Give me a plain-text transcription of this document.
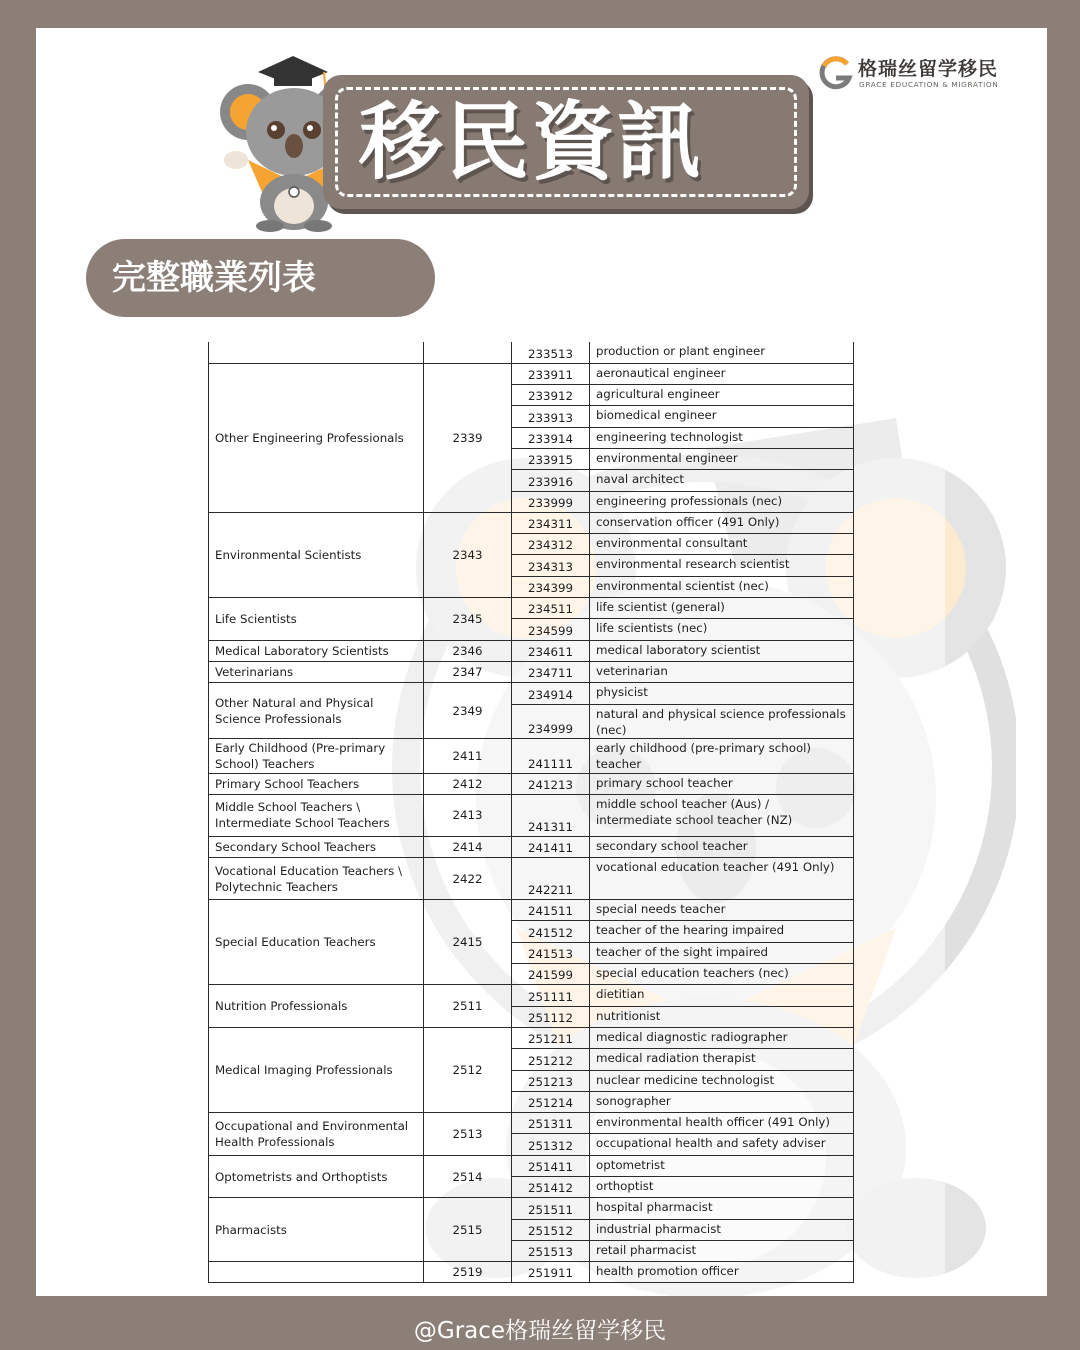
移民資訊
格瑞丝留学移民
GRACE EDUCATION & MIGRATION
完整職業列表
		233513	production or plant engineer
Other Engineering Professionals	2339	233911	aeronautical engineer
		233912	agricultural engineer
		233913	biomedical engineer
		233914	engineering technologist
		233915	environmental engineer
		233916	naval architect
		233999	engineering professionals (nec)
Environmental Scientists	2343	234311	conservation officer (491 Only)
		234312	environmental consultant
		234313	environmental research scientist
		234399	environmental scientist (nec)
Life Scientists	2345	234511	life scientist (general)
		234599	life scientists (nec)
Medical Laboratory Scientists	2346	234611	medical laboratory scientist
Veterinarians	2347	234711	veterinarian
Other Natural and Physical Science Professionals	2349	234914	physicist
		234999	natural and physical science professionals (nec)
Early Childhood (Pre-primary School) Teachers	2411	241111	early childhood (pre-primary school) teacher
Primary School Teachers	2412	241213	primary school teacher
Middle School Teachers \ Intermediate School Teachers	2413	241311	middle school teacher (Aus) / intermediate school teacher (NZ)
Secondary School Teachers	2414	241411	secondary school teacher
Vocational Education Teachers \ Polytechnic Teachers	2422	242211	vocational education teacher (491 Only)
Special Education Teachers	2415	241511	special needs teacher
		241512	teacher of the hearing impaired
		241513	teacher of the sight impaired
		241599	special education teachers (nec)
Nutrition Professionals	2511	251111	dietitian
		251112	nutritionist
Medical Imaging Professionals	2512	251211	medical diagnostic radiographer
		251212	medical radiation therapist
		251213	nuclear medicine technologist
		251214	sonographer
Occupational and Environmental Health Professionals	2513	251311	environmental health officer (491 Only)
		251312	occupational health and safety adviser
Optometrists and Orthoptists	2514	251411	optometrist
		251412	orthoptist
Pharmacists	2515	251511	hospital pharmacist
		251512	industrial pharmacist
		251513	retail pharmacist
	2519	251911	health promotion officer
@Grace格瑞丝留学移民
